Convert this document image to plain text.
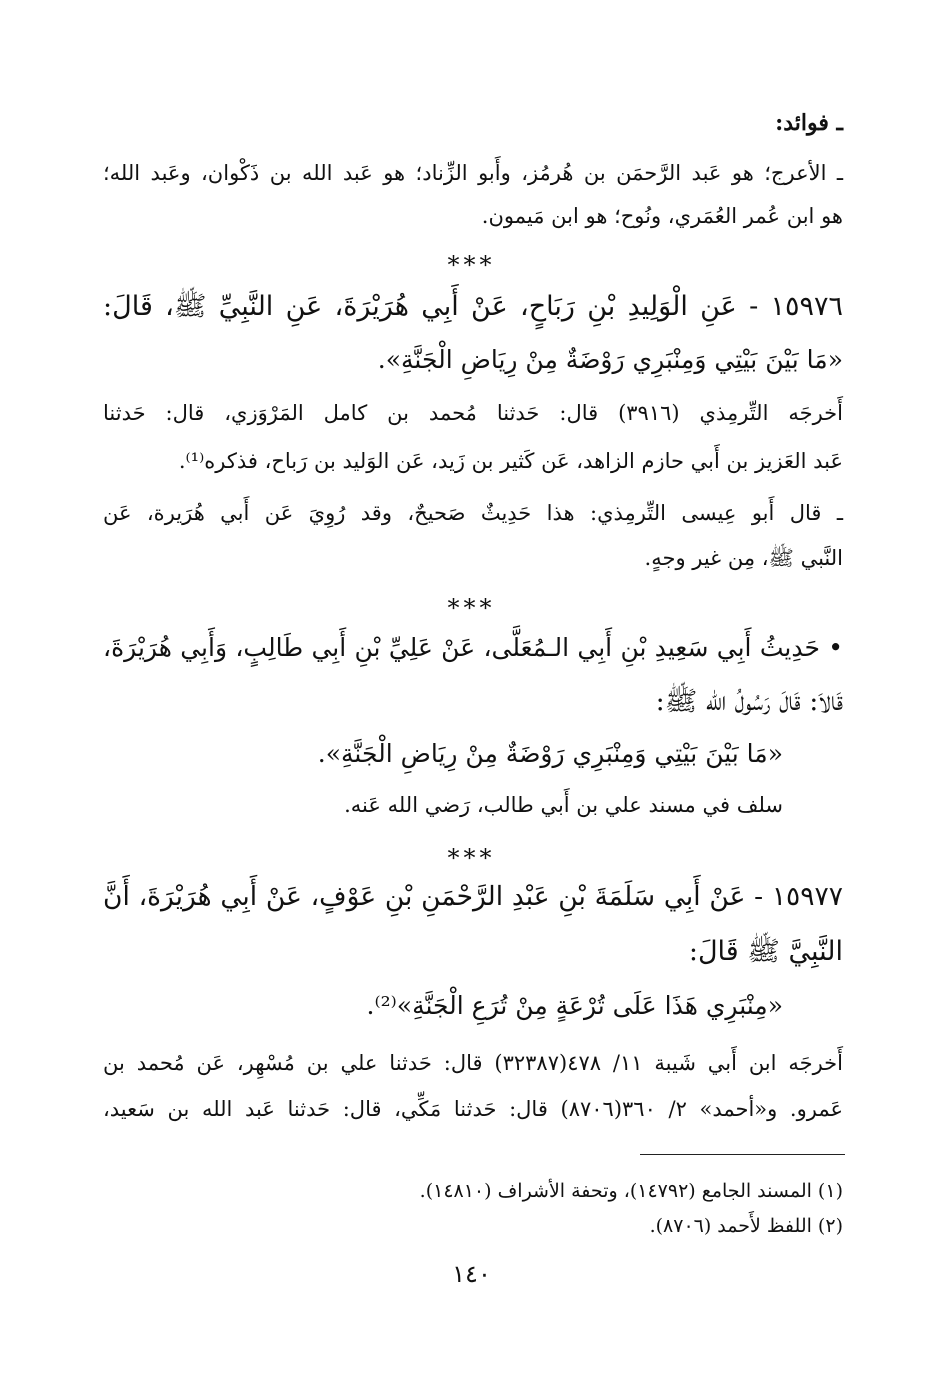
ـ فوائد:

ـ الأعرج؛ هو عَبد الرَّحمَن بن هُرمُز، وأَبو الزِّناد؛ هو عَبد الله بن ذَكْوان، وعَبد الله؛

هو ابن عُمر العُمَري، ونُوح؛ هو ابن مَيمون.

***

١٥٩٧٦ - عَنِ الْوَلِيدِ بْنِ رَبَاحٍ، عَنْ أَبِي هُرَيْرَةَ، عَنِ النَّبِيِّ ﷺ، قَالَ:

«مَا بَيْنَ بَيْتِي وَمِنْبَرِي رَوْضَةٌ مِنْ رِيَاضِ الْجَنَّةِ».

أَخرجَه التِّرمِذي (٣٩١٦) قال: حَدثنا مُحمد بن كامل المَرْوَزي، قال: حَدثنا

عَبد العَزيز بن أَبي حازم الزاهد، عَن كَثير بن زَيد، عَن الوَليد بن رَباح، فذكره⁽¹⁾.

ـ قال أَبو عِيسى التِّرمِذي: هذا حَدِيثٌ صَحيحٌ، وقد رُوِيَ عَن أَبي هُرَيرة، عَن

النَّبي ﷺ، مِن غير وجهٍ.

***

• حَدِيثُ أَبِي سَعِيدِ بْنِ أَبِي الـمُعَلَّى، عَنْ عَلِيِّ بْنِ أَبِي طَالِبٍ، وَأَبِي هُرَيْرَةَ،

قَالاَ: قَالَ رَسُولُ الله ﷺ:

«مَا بَيْنَ بَيْتِي وَمِنْبَرِي رَوْضَةٌ مِنْ رِيَاضِ الْجَنَّةِ».

سلف في مسند علي بن أَبي طالب، رَضي الله عَنه.

***

١٥٩٧٧ - عَنْ أَبِي سَلَمَةَ بْنِ عَبْدِ الرَّحْمَنِ بْنِ عَوْفٍ، عَنْ أَبِي هُرَيْرَةَ، أَنَّ

النَّبِيَّ ﷺ قَالَ:

«مِنْبَرِي هَذَا عَلَى تُرْعَةٍ مِنْ تُرَعِ الْجَنَّةِ»⁽²⁾.

أَخرجَه ابن أَبي شَيبة ١١/ ٤٧٨(٣٢٣٨٧) قال: حَدثنا علي بن مُسْهِر، عَن مُحمد بن

عَمرو. و«أحمد» ٢/ ٣٦٠(٨٧٠٦) قال: حَدثنا مَكِّي، قال: حَدثنا عَبد الله بن سَعيد،

(١) المسند الجامع (١٤٧٩٢)، وتحفة الأشراف (١٤٨١٠).

(٢) اللفظ لأَحمد (٨٧٠٦).

١٤٠
